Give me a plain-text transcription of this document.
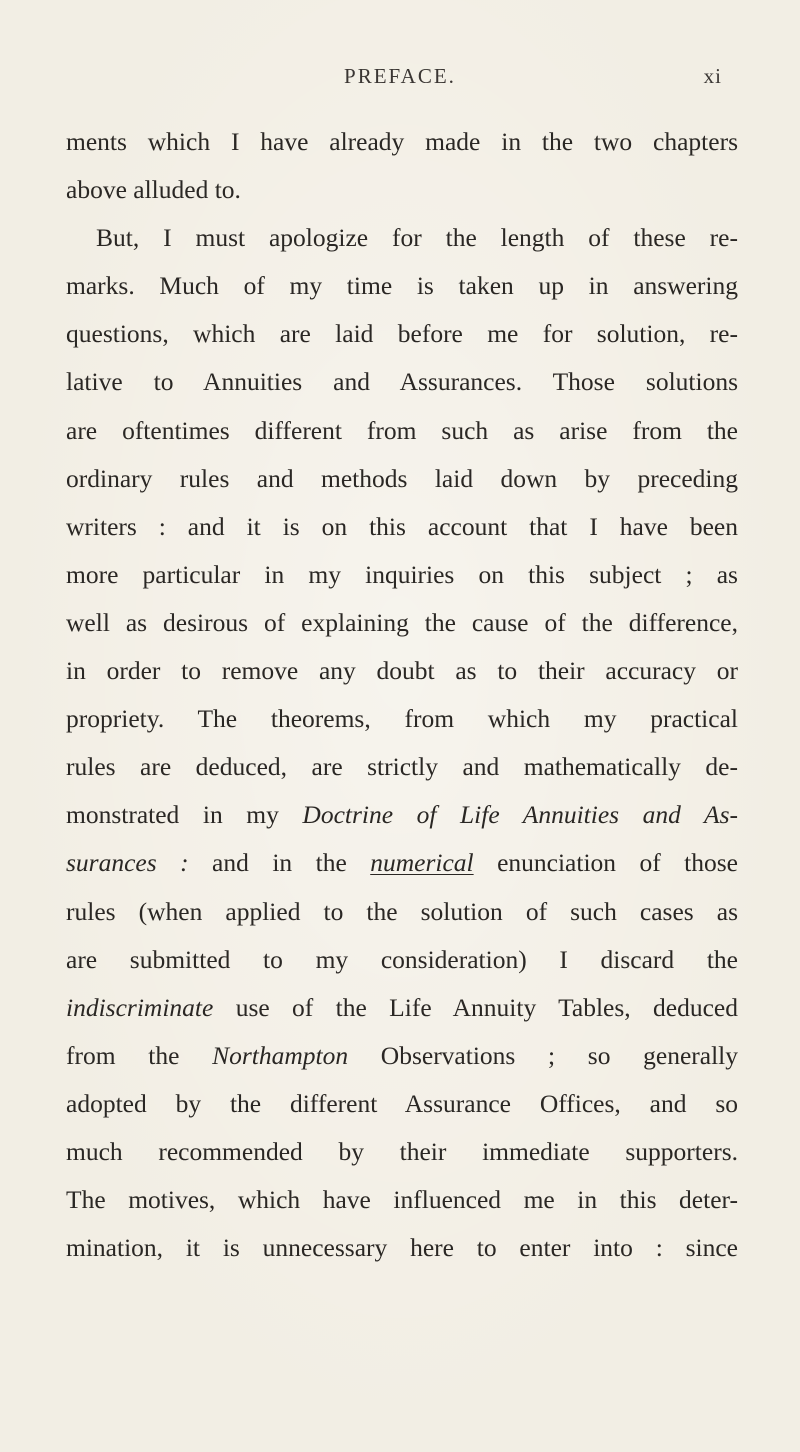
PREFACE.	xi
ments which I have already made in the two chapters
above alluded to.
But, I must apologize for the length of these re-
marks. Much of my time is taken up in answering
questions, which are laid before me for solution, re-
lative to Annuities and Assurances. Those solutions
are oftentimes different from such as arise from the
ordinary rules and methods laid down by preceding
writers : and it is on this account that I have been
more particular in my inquiries on this subject ; as
well as desirous of explaining the cause of the difference,
in order to remove any doubt as to their accuracy or
propriety. The theorems, from which my practical
rules are deduced, are strictly and mathematically de-
monstrated in my Doctrine of Life Annuities and As-
surances : and in the numerical enunciation of those
rules (when applied to the solution of such cases as
are submitted to my consideration) I discard the
indiscriminate use of the Life Annuity Tables, deduced
from the Northampton Observations ; so generally
adopted by the different Assurance Offices, and so
much recommended by their immediate supporters.
The motives, which have influenced me in this deter-
mination, it is unnecessary here to enter into : since
